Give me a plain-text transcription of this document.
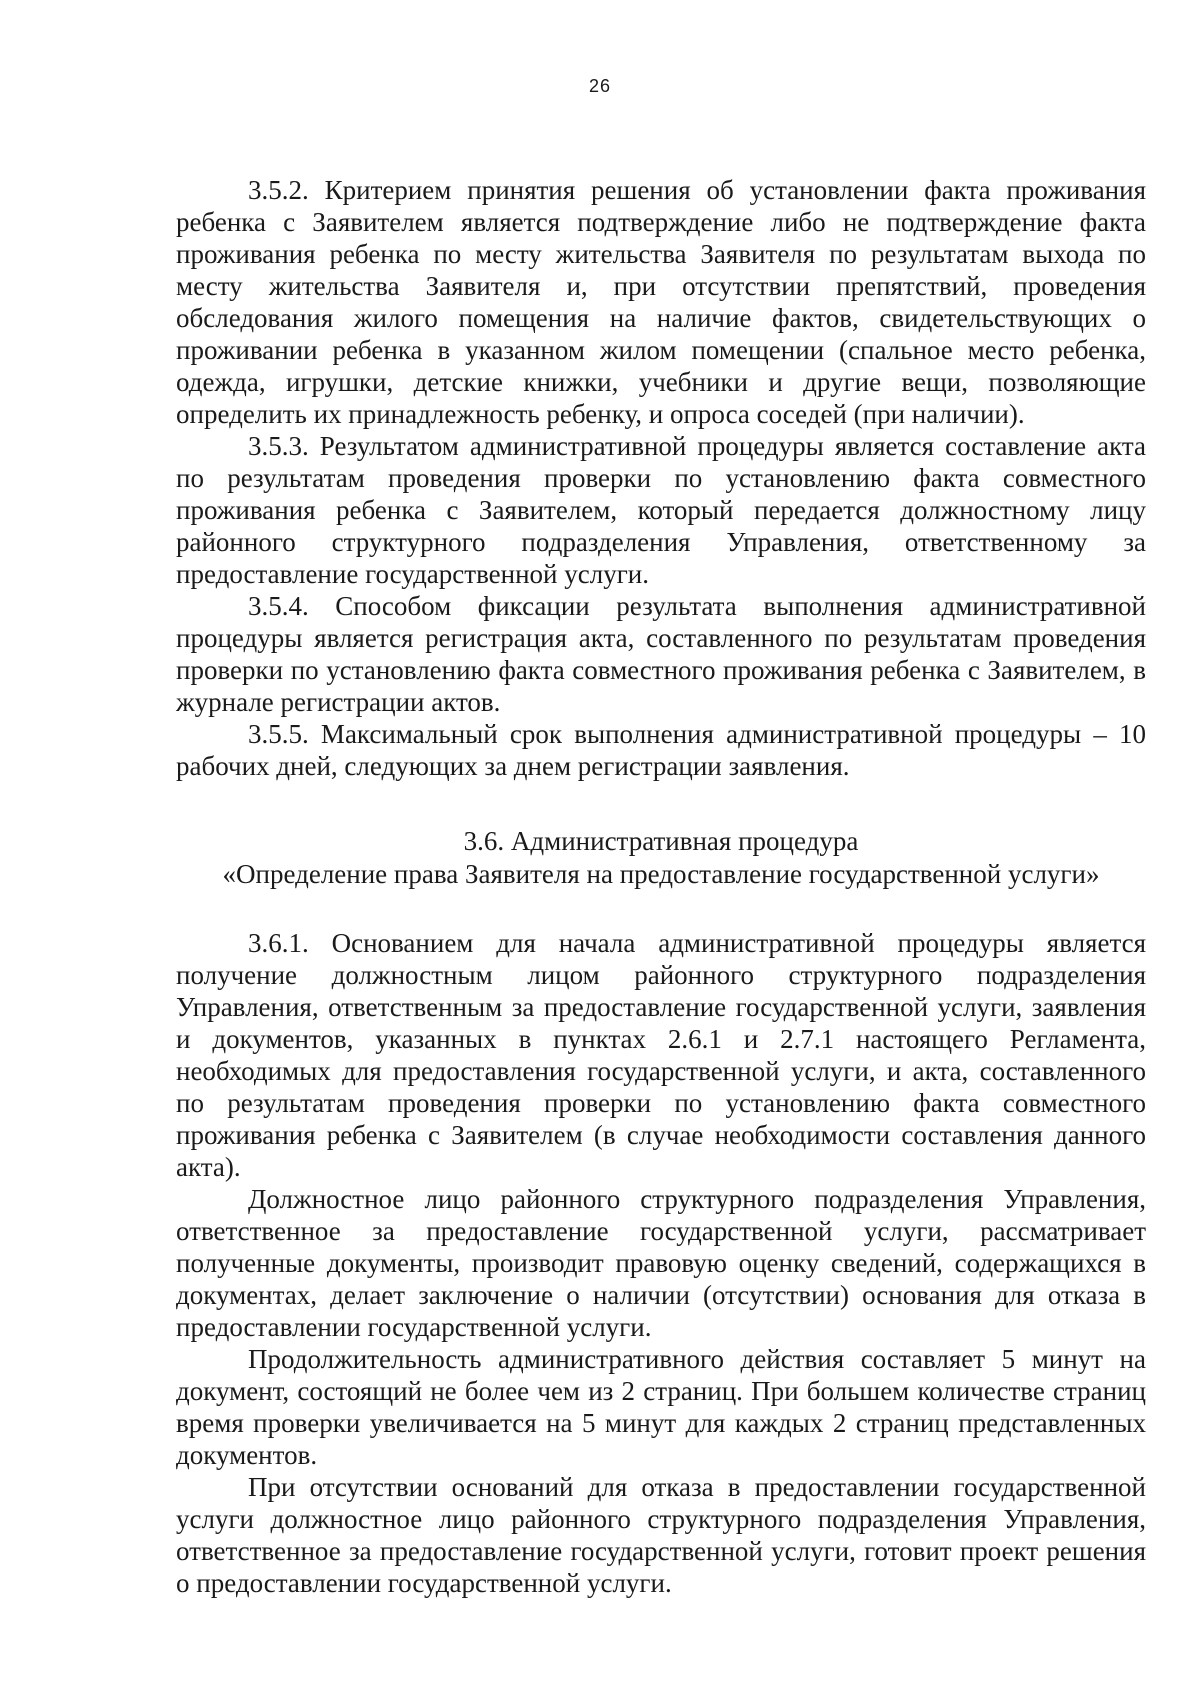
26

3.5.2. Критерием принятия решения об установлении факта проживания ребенка с Заявителем является подтверждение либо не подтверждение факта проживания ребенка по месту жительства Заявителя по результатам выхода по месту жительства Заявителя и, при отсутствии препятствий, проведения обследования жилого помещения на наличие фактов, свидетельствующих о проживании ребенка в указанном жилом помещении (спальное место ребенка, одежда, игрушки, детские книжки, учебники и другие вещи, позволяющие определить их принадлежность ребенку, и опроса соседей (при наличии).

3.5.3. Результатом административной процедуры является составление акта по результатам проведения проверки по установлению факта совместного проживания ребенка с Заявителем, который передается должностному лицу районного структурного подразделения Управления, ответственному за предоставление государственной услуги.

3.5.4. Способом фиксации результата выполнения административной процедуры является регистрация акта, составленного по результатам проведения проверки по установлению факта совместного проживания ребенка с Заявителем, в журнале регистрации актов.

3.5.5. Максимальный срок выполнения административной процедуры – 10 рабочих дней, следующих за днем регистрации заявления.

3.6. Административная процедура
«Определение права Заявителя на предоставление государственной услуги»

3.6.1. Основанием для начала административной процедуры является получение должностным лицом районного структурного подразделения Управления, ответственным за предоставление государственной услуги, заявления и документов, указанных в пунктах 2.6.1 и 2.7.1 настоящего Регламента, необходимых для предоставления государственной услуги, и акта, составленного по результатам проведения проверки по установлению факта совместного проживания ребенка с Заявителем (в случае необходимости составления данного акта).

Должностное лицо районного структурного подразделения Управления, ответственное за предоставление государственной услуги, рассматривает полученные документы, производит правовую оценку сведений, содержащихся в документах, делает заключение о наличии (отсутствии) основания для отказа в предоставлении государственной услуги.

Продолжительность административного действия составляет 5 минут на документ, состоящий не более чем из 2 страниц. При большем количестве страниц время проверки увеличивается на 5 минут для каждых 2 страниц представленных документов.

При отсутствии оснований для отказа в предоставлении государственной услуги должностное лицо районного структурного подразделения Управления, ответственное за предоставление государственной услуги, готовит проект решения о предоставлении государственной услуги.
